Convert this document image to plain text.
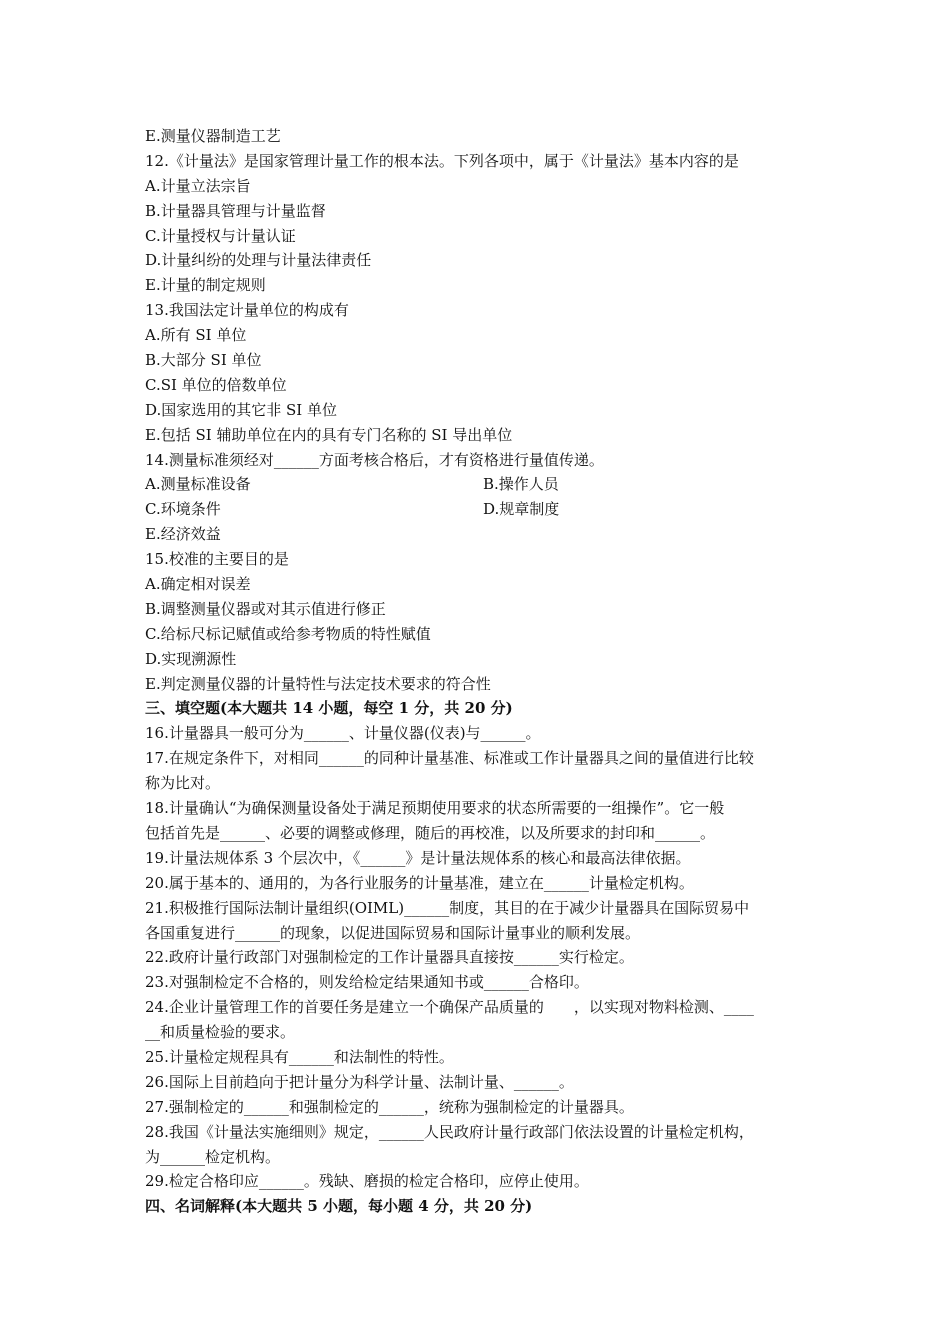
E.测量仪器制造工艺
12.《计量法》是国家管理计量工作的根本法。下列各项中，属于《计量法》基本内容的是
A.计量立法宗旨
B.计量器具管理与计量监督
C.计量授权与计量认证
D.计量纠纷的处理与计量法律责任
E.计量的制定规则
13.我国法定计量单位的构成有
A.所有 SI 单位
B.大部分 SI 单位
C.SI 单位的倍数单位
D.国家选用的其它非 SI 单位
E.包括 SI 辅助单位在内的具有专门名称的 SI 导出单位
14.测量标准须经对______方面考核合格后，才有资格进行量值传递。
A.测量标准设备	B.操作人员
C.环境条件	D.规章制度
E.经济效益
15.校准的主要目的是
A.确定相对误差
B.调整测量仪器或对其示值进行修正
C.给标尺标记赋值或给参考物质的特性赋值
D.实现溯源性
E.判定测量仪器的计量特性与法定技术要求的符合性
三、填空题(本大题共 14 小题，每空 1 分，共 20 分)
16.计量器具一般可分为______、计量仪器(仪表)与______。
17.在规定条件下，对相同______的同种计量基准、标准或工作计量器具之间的量值进行比较
称为比对。
18.计量确认“为确保测量设备处于满足预期使用要求的状态所需要的一组操作”。它一般
包括首先是______、必要的调整或修理，随后的再校准，以及所要求的封印和______。
19.计量法规体系 3 个层次中，《______》是计量法规体系的核心和最高法律依据。
20.属于基本的、通用的，为各行业服务的计量基准，建立在______计量检定机构。
21.积极推行国际法制计量组织(OIML)______制度，其目的在于减少计量器具在国际贸易中
各国重复进行______的现象，以促进国际贸易和国际计量事业的顺利发展。
22.政府计量行政部门对强制检定的工作计量器具直接按______实行检定。
23.对强制检定不合格的，则发给检定结果通知书或______合格印。
24.企业计量管理工作的首要任务是建立一个确保产品质量的　　，以实现对物料检测、____
__和质量检验的要求。
25.计量检定规程具有______和法制性的特性。
26.国际上目前趋向于把计量分为科学计量、法制计量、______。
27.强制检定的______和强制检定的______，统称为强制检定的计量器具。
28.我国《计量法实施细则》规定，______人民政府计量行政部门依法设置的计量检定机构，
为______检定机构。
29.检定合格印应______。残缺、磨损的检定合格印，应停止使用。
四、名词解释(本大题共 5 小题，每小题 4 分，共 20 分)
